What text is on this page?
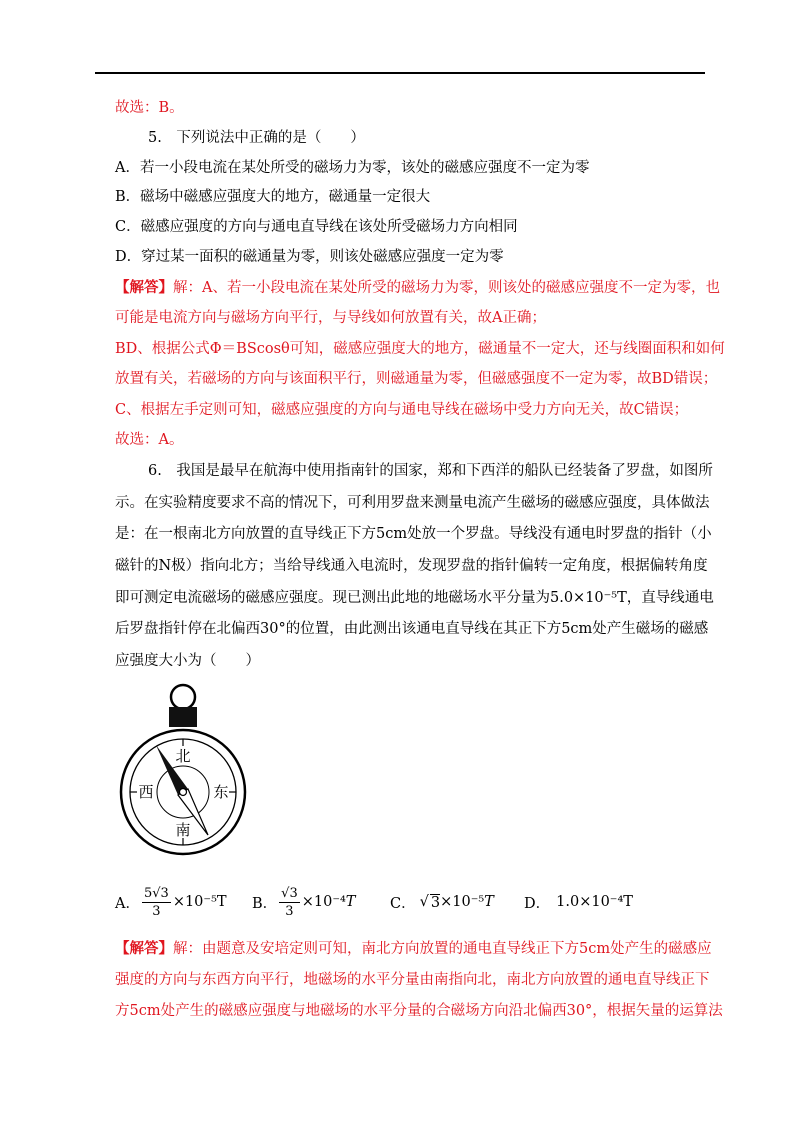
故选：B。
5.　下列说法中正确的是（　　）
A．若一小段电流在某处所受的磁场力为零，该处的磁感应强度不一定为零
B．磁场中磁感应强度大的地方，磁通量一定很大
C．磁感应强度的方向与通电直导线在该处所受磁场力方向相同
D．穿过某一面积的磁通量为零，则该处磁感应强度一定为零
【解答】解：A、若一小段电流在某处所受的磁场力为零，则该处的磁感应强度不一定为零，也
可能是电流方向与磁场方向平行，与导线如何放置有关，故A正确；
BD、根据公式Φ＝BScosθ可知，磁感应强度大的地方，磁通量不一定大，还与线圈面积和如何
放置有关，若磁场的方向与该面积平行，则磁通量为零，但磁感强度不一定为零，故BD错误；
C、根据左手定则可知，磁感应强度的方向与通电导线在磁场中受力方向无关，故C错误；
故选：A。
6.　我国是最早在航海中使用指南针的国家，郑和下西洋的船队已经装备了罗盘，如图所
示。在实验精度要求不高的情况下，可利用罗盘来测量电流产生磁场的磁感应强度，具体做法
是：在一根南北方向放置的直导线正下方5cm处放一个罗盘。导线没有通电时罗盘的指针（小
磁针的N极）指向北方；当给导线通入电流时，发现罗盘的指针偏转一定角度，根据偏转角度
即可测定电流磁场的磁感应强度。现已测出此地的地磁场水平分量为5.0×10⁻⁵T，直导线通电
后罗盘指针停在北偏西30°的位置，由此测出该通电直导线在其正下方5cm处产生磁场的磁感
应强度大小为（　　）
北
南
东
西
A． $\frac{5√3}{3} \times 10^{-5}T$ B． $\frac{√3}{3} \times 10^{-4}$ T C． √ 3 ×10⁻⁵ T D． 1.0×10⁻⁴T
【解答】解：由题意及安培定则可知，南北方向放置的通电直导线正下方5cm处产生的磁感应
强度的方向与东西方向平行，地磁场的水平分量由南指向北，南北方向放置的通电直导线正下
方5cm处产生的磁感应强度与地磁场的水平分量的合磁场方向沿北偏西30°，根据矢量的运算法
